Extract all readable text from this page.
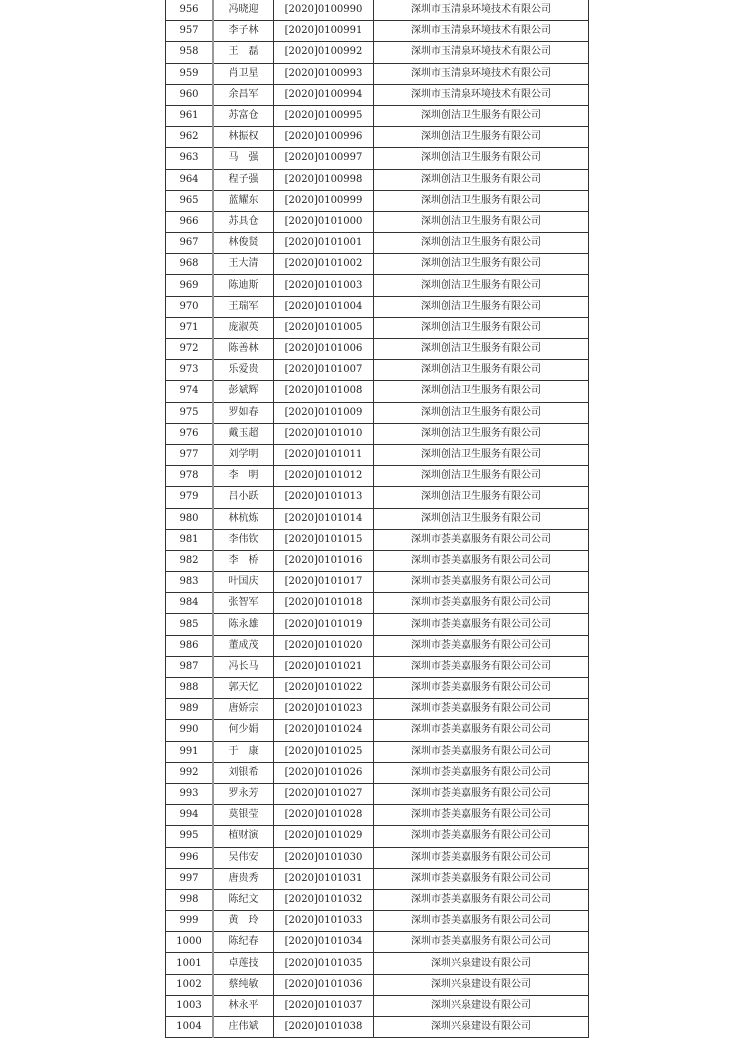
956	冯晓迎	[2020]0100990	深圳市玉清泉环境技术有限公司
957	李子林	[2020]0100991	深圳市玉清泉环境技术有限公司
958	王　磊	[2020]0100992	深圳市玉清泉环境技术有限公司
959	肖卫星	[2020]0100993	深圳市玉清泉环境技术有限公司
960	余昌军	[2020]0100994	深圳市玉清泉环境技术有限公司
961	苏富仓	[2020]0100995	深圳创洁卫生服务有限公司
962	林振权	[2020]0100996	深圳创洁卫生服务有限公司
963	马　强	[2020]0100997	深圳创洁卫生服务有限公司
964	程子强	[2020]0100998	深圳创洁卫生服务有限公司
965	蓝耀东	[2020]0100999	深圳创洁卫生服务有限公司
966	苏具仓	[2020]0101000	深圳创洁卫生服务有限公司
967	林俊贤	[2020]0101001	深圳创洁卫生服务有限公司
968	王大清	[2020]0101002	深圳创洁卫生服务有限公司
969	陈迪斯	[2020]0101003	深圳创洁卫生服务有限公司
970	王瑞军	[2020]0101004	深圳创洁卫生服务有限公司
971	庞淑英	[2020]0101005	深圳创洁卫生服务有限公司
972	陈善林	[2020]0101006	深圳创洁卫生服务有限公司
973	乐爱贵	[2020]0101007	深圳创洁卫生服务有限公司
974	彭斌辉	[2020]0101008	深圳创洁卫生服务有限公司
975	罗如春	[2020]0101009	深圳创洁卫生服务有限公司
976	戴玉超	[2020]0101010	深圳创洁卫生服务有限公司
977	刘学明	[2020]0101011	深圳创洁卫生服务有限公司
978	李　明	[2020]0101012	深圳创洁卫生服务有限公司
979	吕小跃	[2020]0101013	深圳创洁卫生服务有限公司
980	林杭炼	[2020]0101014	深圳创洁卫生服务有限公司
981	李伟钦	[2020]0101015	深圳市荟美嘉服务有限公司公司
982	李　桥	[2020]0101016	深圳市荟美嘉服务有限公司公司
983	叶国庆	[2020]0101017	深圳市荟美嘉服务有限公司公司
984	张智军	[2020]0101018	深圳市荟美嘉服务有限公司公司
985	陈永雄	[2020]0101019	深圳市荟美嘉服务有限公司公司
986	董成茂	[2020]0101020	深圳市荟美嘉服务有限公司公司
987	冯长马	[2020]0101021	深圳市荟美嘉服务有限公司公司
988	郭天忆	[2020]0101022	深圳市荟美嘉服务有限公司公司
989	唐娇宗	[2020]0101023	深圳市荟美嘉服务有限公司公司
990	何少娟	[2020]0101024	深圳市荟美嘉服务有限公司公司
991	于　康	[2020]0101025	深圳市荟美嘉服务有限公司公司
992	刘银希	[2020]0101026	深圳市荟美嘉服务有限公司公司
993	罗永芳	[2020]0101027	深圳市荟美嘉服务有限公司公司
994	莫银莹	[2020]0101028	深圳市荟美嘉服务有限公司公司
995	植财演	[2020]0101029	深圳市荟美嘉服务有限公司公司
996	吴伟安	[2020]0101030	深圳市荟美嘉服务有限公司公司
997	唐贵秀	[2020]0101031	深圳市荟美嘉服务有限公司公司
998	陈纪文	[2020]0101032	深圳市荟美嘉服务有限公司公司
999	黄　玲	[2020]0101033	深圳市荟美嘉服务有限公司公司
1000	陈纪春	[2020]0101034	深圳市荟美嘉服务有限公司公司
1001	卓莲技	[2020]0101035	深圳兴泉建设有限公司
1002	蔡纯敏	[2020]0101036	深圳兴泉建设有限公司
1003	林永平	[2020]0101037	深圳兴泉建设有限公司
1004	庄伟斌	[2020]0101038	深圳兴泉建设有限公司
